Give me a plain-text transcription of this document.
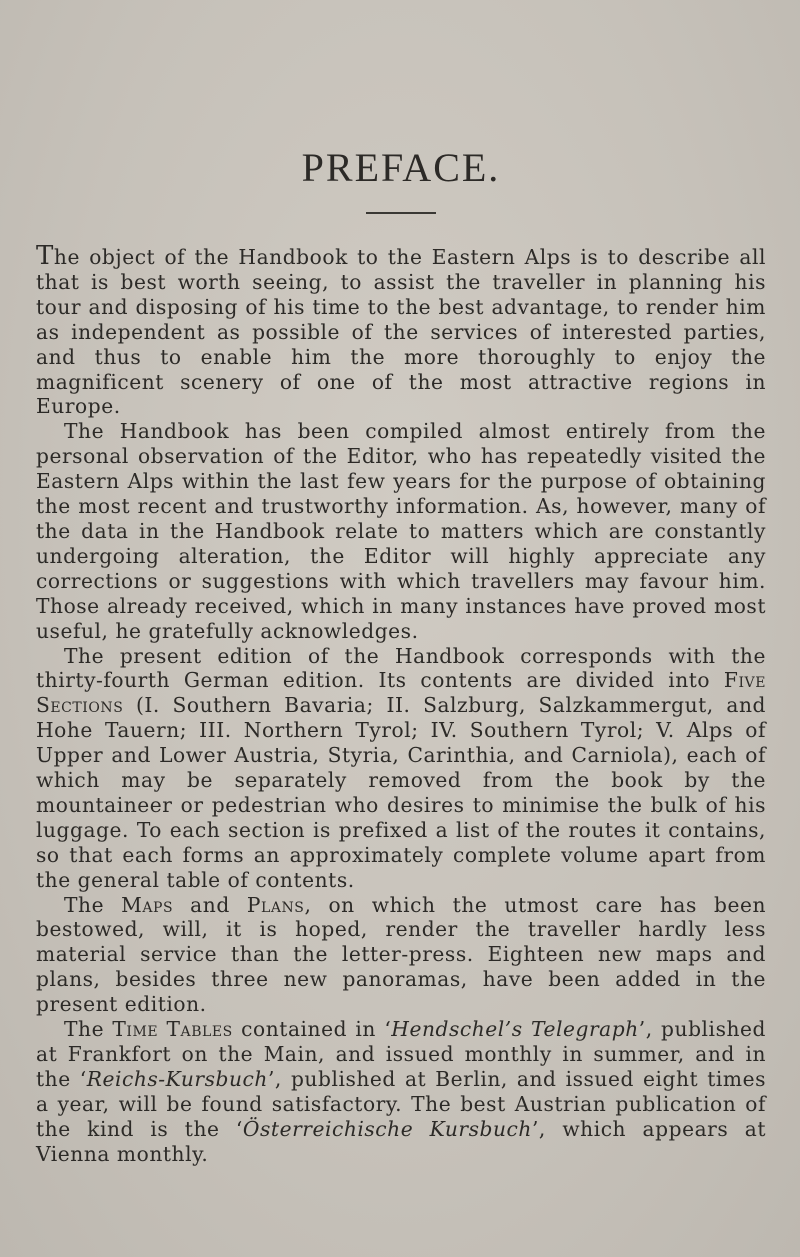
PREFACE.

The object of the Handbook to the Eastern Alps is to describe all that is best worth seeing, to assist the traveller in planning his tour and disposing of his time to the best advantage, to render him as independent as possible of the services of interested parties, and thus to enable him the more thoroughly to enjoy the magnificent scenery of one of the most attractive regions in Europe.

The Handbook has been compiled almost entirely from the personal observation of the Editor, who has repeatedly visited the Eastern Alps within the last few years for the purpose of obtaining the most recent and trustworthy information. As, however, many of the data in the Handbook relate to matters which are constantly undergoing alteration, the Editor will highly appreciate any corrections or suggestions with which travellers may favour him. Those already received, which in many instances have proved most useful, he gratefully acknowledges.

The present edition of the Handbook corresponds with the thirty-fourth German edition. Its contents are divided into Five Sections (I. Southern Bavaria; II. Salzburg, Salzkammergut, and Hohe Tauern; III. Northern Tyrol; IV. Southern Tyrol; V. Alps of Upper and Lower Austria, Styria, Carinthia, and Carniola), each of which may be separately removed from the book by the mountaineer or pedestrian who desires to minimise the bulk of his luggage. To each section is prefixed a list of the routes it contains, so that each forms an approximately complete volume apart from the general table of contents.

The Maps and Plans, on which the utmost care has been bestowed, will, it is hoped, render the traveller hardly less material service than the letter-press. Eighteen new maps and plans, besides three new panoramas, have been added in the present edition.

The Time Tables contained in ‘Hendschel’s Telegraph’, published at Frankfort on the Main, and issued monthly in summer, and in the ‘Reichs-Kursbuch’, published at Berlin, and issued eight times a year, will be found satisfactory. The best Austrian publication of the kind is the ‘Österreichische Kursbuch’, which appears at Vienna monthly.
